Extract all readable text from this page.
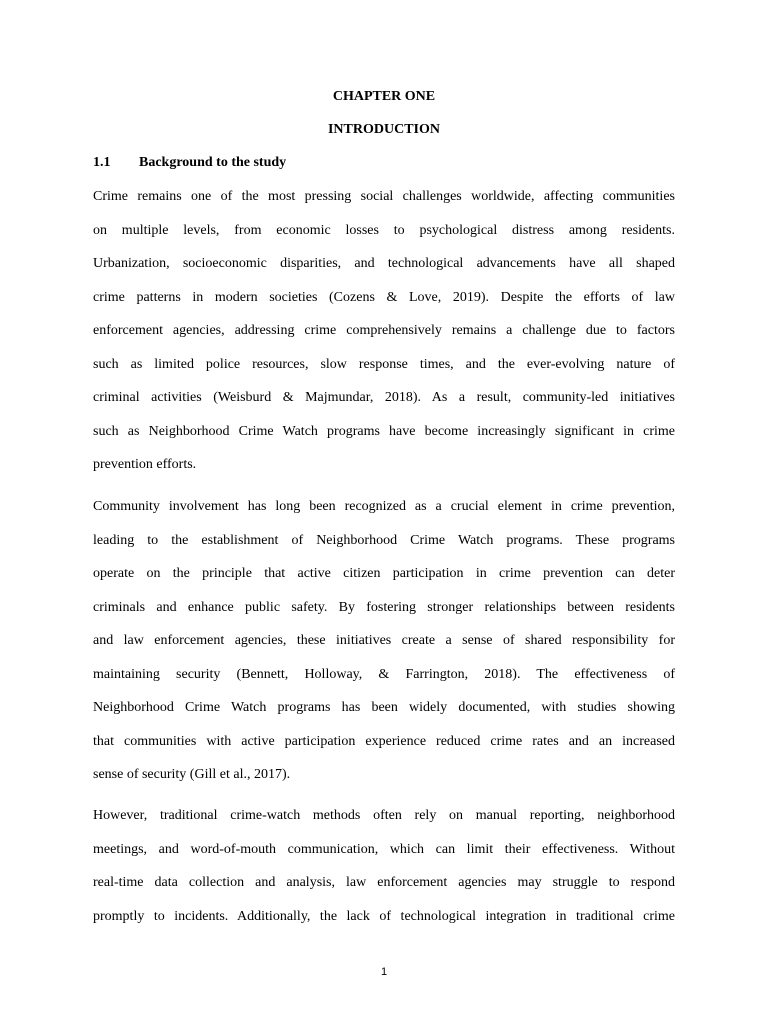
CHAPTER ONE
INTRODUCTION
1.1 Background to the study
Crime remains one of the most pressing social challenges worldwide, affecting communities
on multiple levels, from economic losses to psychological distress among residents.
Urbanization, socioeconomic disparities, and technological advancements have all shaped
crime patterns in modern societies (Cozens & Love, 2019). Despite the efforts of law
enforcement agencies, addressing crime comprehensively remains a challenge due to factors
such as limited police resources, slow response times, and the ever-evolving nature of
criminal activities (Weisburd & Majmundar, 2018). As a result, community-led initiatives
such as Neighborhood Crime Watch programs have become increasingly significant in crime
prevention efforts.
Community involvement has long been recognized as a crucial element in crime prevention,
leading to the establishment of Neighborhood Crime Watch programs. These programs
operate on the principle that active citizen participation in crime prevention can deter
criminals and enhance public safety. By fostering stronger relationships between residents
and law enforcement agencies, these initiatives create a sense of shared responsibility for
maintaining security (Bennett, Holloway, & Farrington, 2018). The effectiveness of
Neighborhood Crime Watch programs has been widely documented, with studies showing
that communities with active participation experience reduced crime rates and an increased
sense of security (Gill et al., 2017).
However, traditional crime-watch methods often rely on manual reporting, neighborhood
meetings, and word-of-mouth communication, which can limit their effectiveness. Without
real-time data collection and analysis, law enforcement agencies may struggle to respond
promptly to incidents. Additionally, the lack of technological integration in traditional crime
1
